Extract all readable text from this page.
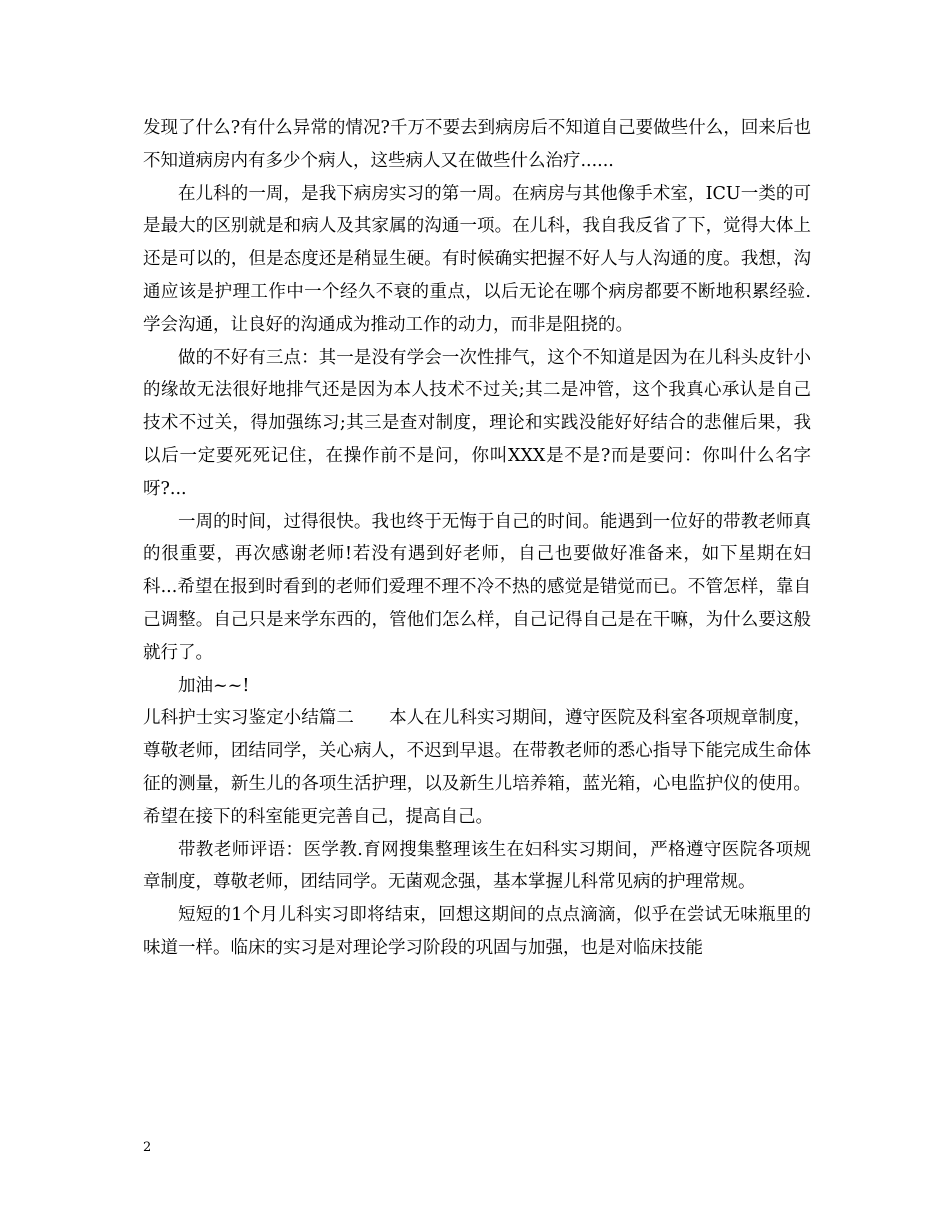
发现了什么?有什么异常的情况?千万不要去到病房后不知道自己要做些什么，回来后也不知道病房内有多少个病人，这些病人又在做些什么治疗......

在儿科的一周，是我下病房实习的第一周。在病房与其他像手术室，ICU一类的可是最大的区别就是和病人及其家属的沟通一项。在儿科，我自我反省了下，觉得大体上还是可以的，但是态度还是稍显生硬。有时候确实把握不好人与人沟通的度。我想，沟通应该是护理工作中一个经久不衰的重点，以后无论在哪个病房都要不断地积累经验.学会沟通，让良好的沟通成为推动工作的动力，而非是阻挠的。

做的不好有三点：其一是没有学会一次性排气，这个不知道是因为在儿科头皮针小的缘故无法很好地排气还是因为本人技术不过关;其二是冲管，这个我真心承认是自己技术不过关，得加强练习;其三是查对制度，理论和实践没能好好结合的悲催后果，我以后一定要死死记住，在操作前不是问，你叫XXX是不是?而是要问：你叫什么名字呀?...

一周的时间，过得很快。我也终于无悔于自己的时间。能遇到一位好的带教老师真的很重要，再次感谢老师!若没有遇到好老师，自己也要做好准备来，如下星期在妇科...希望在报到时看到的老师们爱理不理不冷不热的感觉是错觉而已。不管怎样，靠自己调整。自己只是来学东西的，管他们怎么样，自己记得自己是在干嘛，为什么要这般就行了。

加油~~!

儿科护士实习鉴定小结篇二　　本人在儿科实习期间，遵守医院及科室各项规章制度，尊敬老师，团结同学，关心病人，不迟到早退。在带教老师的悉心指导下能完成生命体征的测量，新生儿的各项生活护理，以及新生儿培养箱，蓝光箱，心电监护仪的使用。希望在接下的科室能更完善自己，提高自己。

带教老师评语：医学教.育网搜集整理该生在妇科实习期间，严格遵守医院各项规章制度，尊敬老师，团结同学。无菌观念强，基本掌握儿科常见病的护理常规。

短短的1个月儿科实习即将结束，回想这期间的点点滴滴，似乎在尝试无味瓶里的味道一样。临床的实习是对理论学习阶段的巩固与加强，也是对临床技能

2
